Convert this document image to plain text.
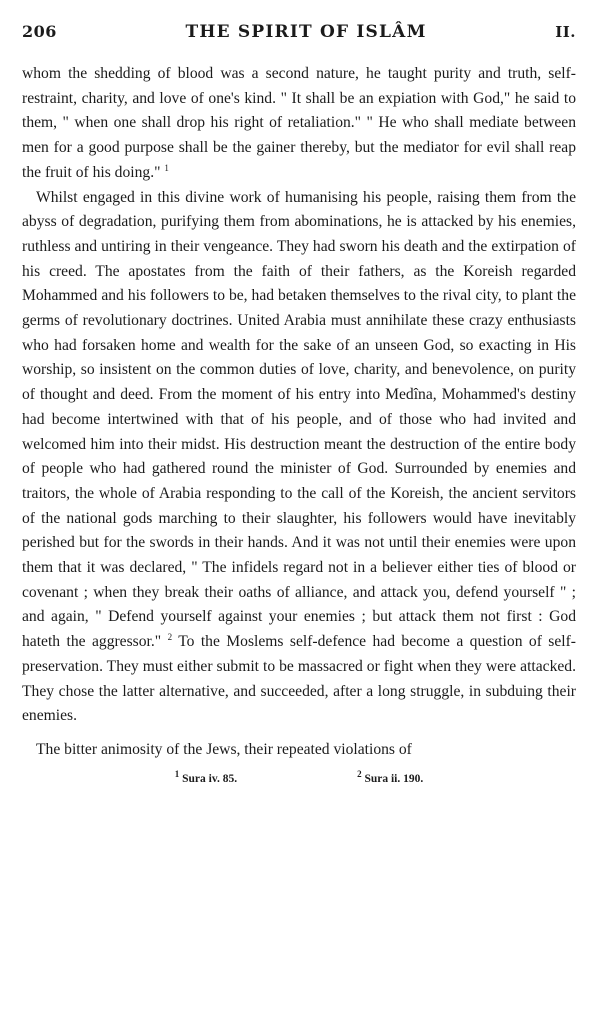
206	THE SPIRIT OF ISLÂM	II.

whom the shedding of blood was a second nature, he taught purity and truth, self-restraint, charity, and love of one's kind. " It shall be an expiation with God," he said to them, " when one shall drop his right of retaliation." " He who shall mediate between men for a good purpose shall be the gainer thereby, but the mediator for evil shall reap the fruit of his doing." $^1$

Whilst engaged in this divine work of humanising his people, raising them from the abyss of degradation, purifying them from abominations, he is attacked by his enemies, ruthless and untiring in their vengeance. They had sworn his death and the extirpation of his creed. The apostates from the faith of their fathers, as the Koreish regarded Mohammed and his followers to be, had betaken themselves to the rival city, to plant the germs of revolutionary doctrines. United Arabia must annihilate these crazy enthusiasts who had forsaken home and wealth for the sake of an unseen God, so exacting in His worship, so insistent on the common duties of love, charity, and benevolence, on purity of thought and deed. From the moment of his entry into Medîna, Mohammed's destiny had become intertwined with that of his people, and of those who had invited and welcomed him into their midst. His destruction meant the destruction of the entire body of people who had gathered round the minister of God. Surrounded by enemies and traitors, the whole of Arabia responding to the call of the Koreish, the ancient servitors of the national gods marching to their slaughter, his followers would have inevitably perished but for the swords in their hands. And it was not until their enemies were upon them that it was declared, " The infidels regard not in a believer either ties of blood or covenant ; when they break their oaths of alliance, and attack you, defend yourself " ; and again, " Defend yourself against your enemies ; but attack them not first : God hateth the aggressor." $^2$ To the Moslems self-defence had become a question of self-preservation. They must either submit to be massacred or fight when they were attacked. They chose the latter alternative, and succeeded, after a long struggle, in subduing their enemies.

The bitter animosity of the Jews, their repeated violations of

$^1$ Sura iv. 85.	$^2$ Sura ii. 190.
